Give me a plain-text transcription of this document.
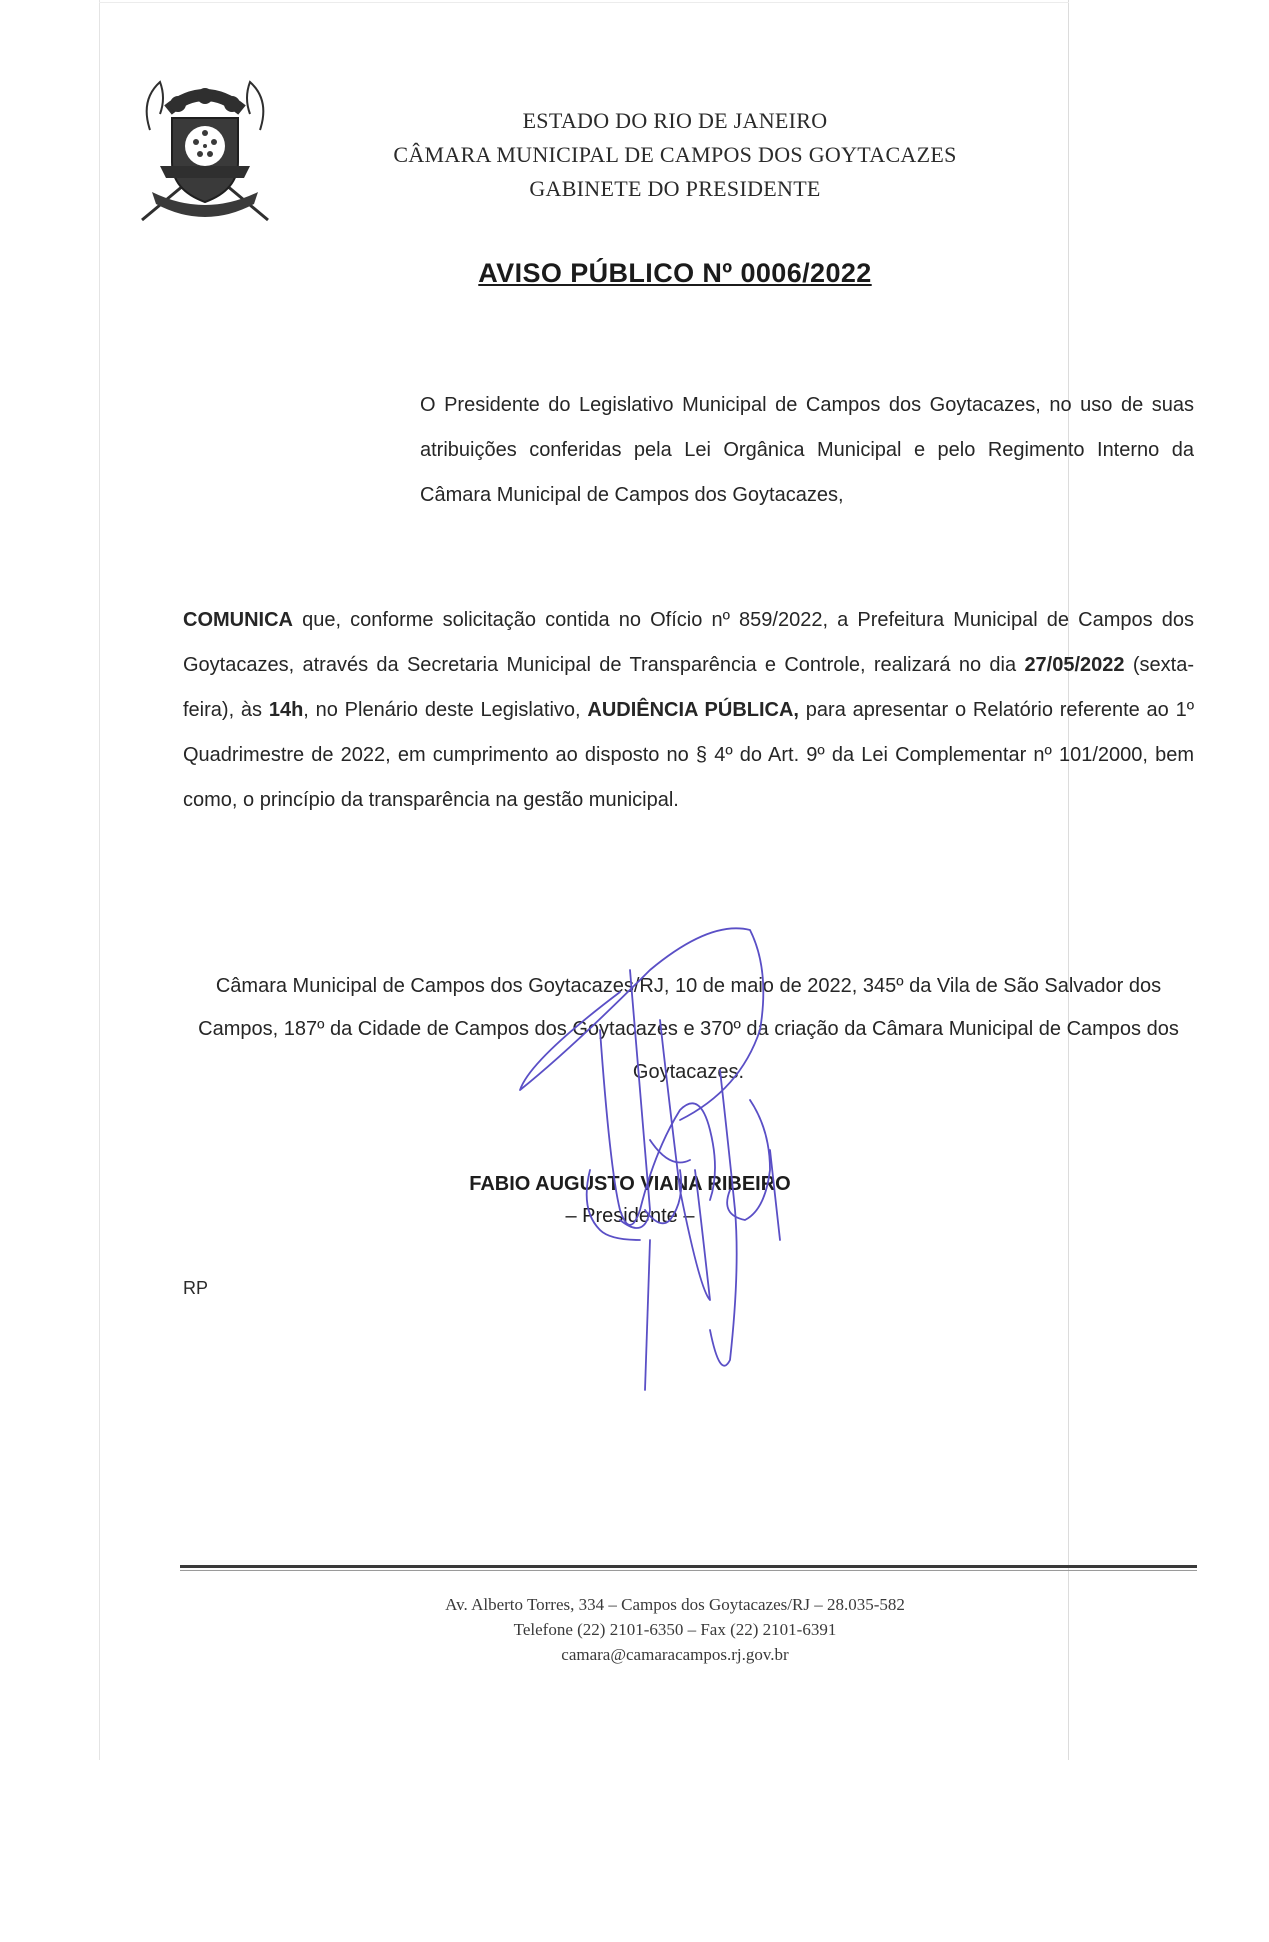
ESTADO DO RIO DE JANEIRO
CÂMARA MUNICIPAL DE CAMPOS DOS GOYTACAZES
GABINETE DO PRESIDENTE
AVISO PÚBLICO Nº 0006/2022
O Presidente do Legislativo Municipal de Campos dos Goytacazes, no uso de suas atribuições conferidas pela Lei Orgânica Municipal e pelo Regimento Interno da Câmara Municipal de Campos dos Goytacazes,
COMUNICA que, conforme solicitação contida no Ofício nº 859/2022, a Prefeitura Municipal de Campos dos Goytacazes, através da Secretaria Municipal de Transparência e Controle, realizará no dia 27/05/2022 (sexta-feira), às 14h, no Plenário deste Legislativo, AUDIÊNCIA PÚBLICA, para apresentar o Relatório referente ao 1º Quadrimestre de 2022, em cumprimento ao disposto no § 4º do Art. 9º da Lei Complementar nº 101/2000, bem como, o princípio da transparência na gestão municipal.
Câmara Municipal de Campos dos Goytacazes/RJ, 10 de maio de 2022, 345º da Vila de São Salvador dos Campos, 187º da Cidade de Campos dos Goytacazes e 370º da criação da Câmara Municipal de Campos dos Goytacazes.
FABIO AUGUSTO VIANA RIBEIRO
– Presidente –
RP
Av. Alberto Torres, 334 – Campos dos Goytacazes/RJ – 28.035-582
Telefone (22) 2101-6350 – Fax (22) 2101-6391
camara@camaracampos.rj.gov.br
